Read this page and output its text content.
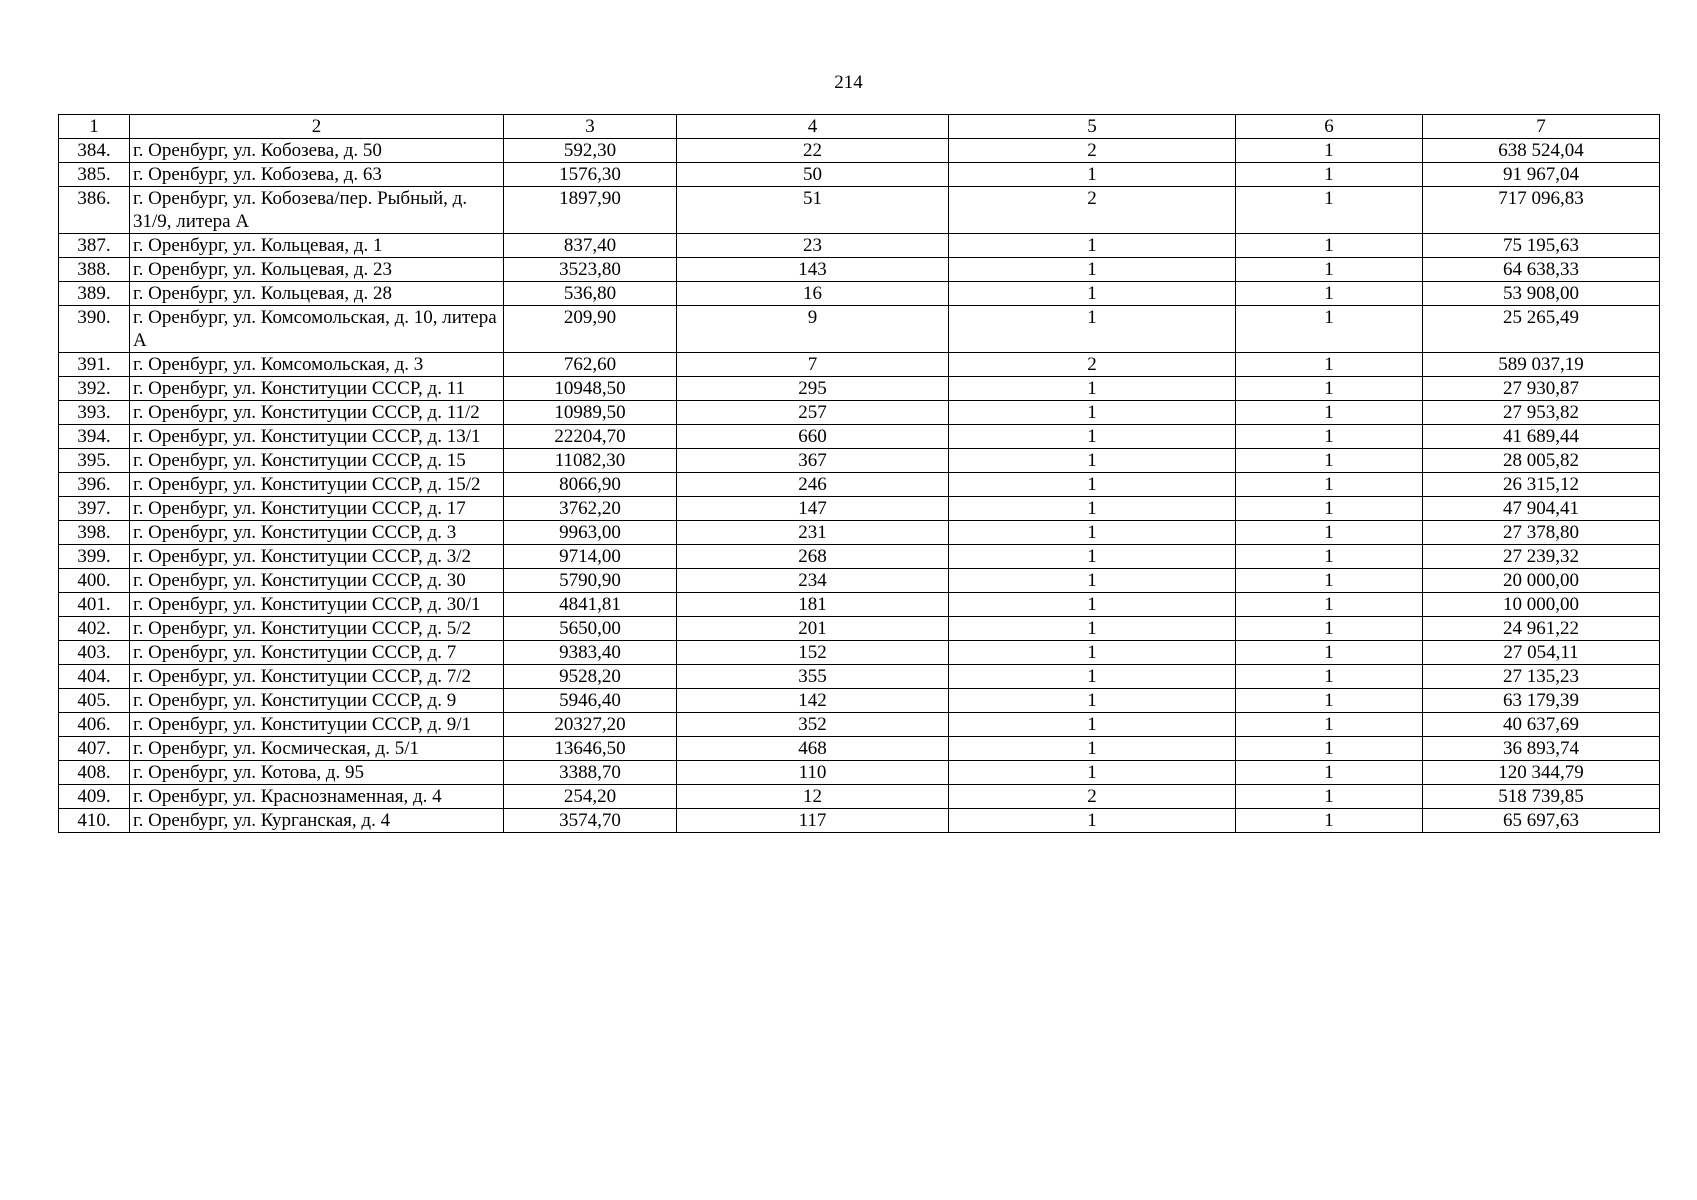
214
1	2	3	4	5	6	7
384.	г. Оренбург, ул. Кобозева, д. 50	592,30	22	2	1	638 524,04
385.	г. Оренбург, ул. Кобозева, д. 63	1576,30	50	1	1	91 967,04
386.	г. Оренбург, ул. Кобозева/пер. Рыбный, д. 31/9, литера А	1897,90	51	2	1	717 096,83
387.	г. Оренбург, ул. Кольцевая, д. 1	837,40	23	1	1	75 195,63
388.	г. Оренбург, ул. Кольцевая, д. 23	3523,80	143	1	1	64 638,33
389.	г. Оренбург, ул. Кольцевая, д. 28	536,80	16	1	1	53 908,00
390.	г. Оренбург, ул. Комсомольская, д. 10, литера А	209,90	9	1	1	25 265,49
391.	г. Оренбург, ул. Комсомольская, д. 3	762,60	7	2	1	589 037,19
392.	г. Оренбург, ул. Конституции СССР, д. 11	10948,50	295	1	1	27 930,87
393.	г. Оренбург, ул. Конституции СССР, д. 11/2	10989,50	257	1	1	27 953,82
394.	г. Оренбург, ул. Конституции СССР, д. 13/1	22204,70	660	1	1	41 689,44
395.	г. Оренбург, ул. Конституции СССР, д. 15	11082,30	367	1	1	28 005,82
396.	г. Оренбург, ул. Конституции СССР, д. 15/2	8066,90	246	1	1	26 315,12
397.	г. Оренбург, ул. Конституции СССР, д. 17	3762,20	147	1	1	47 904,41
398.	г. Оренбург, ул. Конституции СССР, д. 3	9963,00	231	1	1	27 378,80
399.	г. Оренбург, ул. Конституции СССР, д. 3/2	9714,00	268	1	1	27 239,32
400.	г. Оренбург, ул. Конституции СССР, д. 30	5790,90	234	1	1	20 000,00
401.	г. Оренбург, ул. Конституции СССР, д. 30/1	4841,81	181	1	1	10 000,00
402.	г. Оренбург, ул. Конституции СССР, д. 5/2	5650,00	201	1	1	24 961,22
403.	г. Оренбург, ул. Конституции СССР, д. 7	9383,40	152	1	1	27 054,11
404.	г. Оренбург, ул. Конституции СССР, д. 7/2	9528,20	355	1	1	27 135,23
405.	г. Оренбург, ул. Конституции СССР, д. 9	5946,40	142	1	1	63 179,39
406.	г. Оренбург, ул. Конституции СССР, д. 9/1	20327,20	352	1	1	40 637,69
407.	г. Оренбург, ул. Космическая, д. 5/1	13646,50	468	1	1	36 893,74
408.	г. Оренбург, ул. Котова, д. 95	3388,70	110	1	1	120 344,79
409.	г. Оренбург, ул. Краснознаменная, д. 4	254,20	12	2	1	518 739,85
410.	г. Оренбург, ул. Курганская, д. 4	3574,70	117	1	1	65 697,63
